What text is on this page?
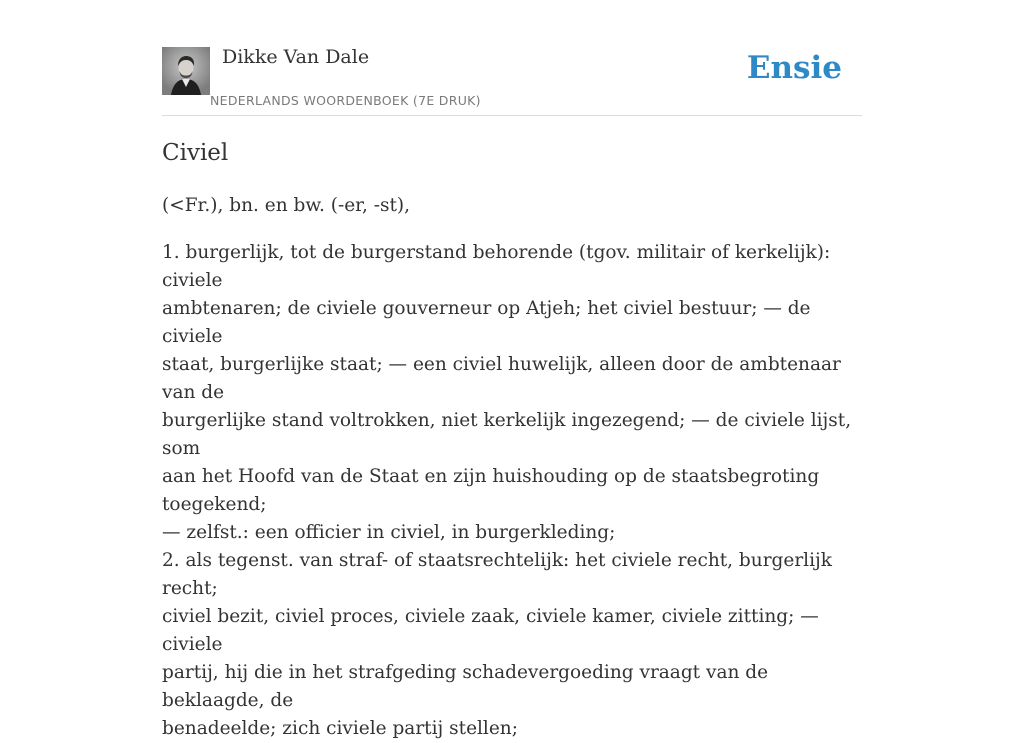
Dikke Van Dale
NEDERLANDS WOORDENBOEK (7E DRUK)
Ensie
Civiel

(<Fr.), bn. en bw. (-er, -st),

1. burgerlijk, tot de burgerstand behorende (tgov. militair of kerkelijk): civiele
ambtenaren; de civiele gouverneur op Atjeh; het civiel bestuur; — de civiele
staat, burgerlijke staat; — een civiel huwelijk, alleen door de ambtenaar van de
burgerlijke stand voltrokken, niet kerkelijk ingezegend; — de civiele lijst, som
aan het Hoofd van de Staat en zijn huishouding op de staatsbegroting toegekend;
— zelfst.: een officier in civiel, in burgerkleding;
2. als tegenst. van straf- of staatsrechtelijk: het civiele recht, burgerlijk recht;
civiel bezit, civiel proces, civiele zaak, civiele kamer, civiele zitting; — civiele
partij, hij die in het strafgeding schadevergoeding vraagt van de beklaagde, de
benadeelde; zich civiele partij stellen;
